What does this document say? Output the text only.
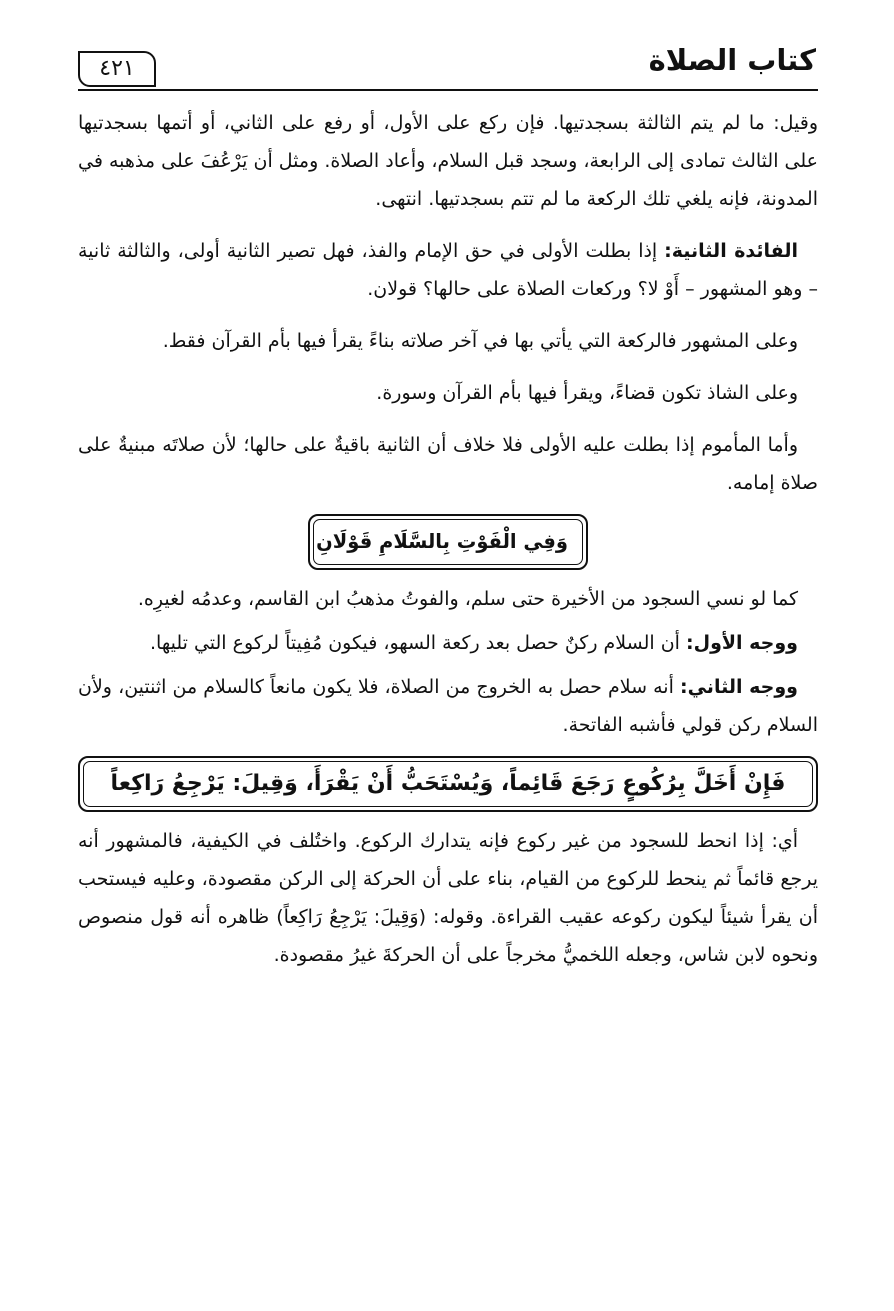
كتاب الصلاة
٤٢١

وقيل: ما لم يتم الثالثة بسجدتيها. فإن ركع على الأول، أو رفع على الثاني، أو أتمها بسجدتيها على الثالث تمادى إلى الرابعة، وسجد قبل السلام، وأعاد الصلاة. ومثل أن يَرْعُفَ على مذهبه في المدونة، فإنه يلغي تلك الركعة ما لم تتم بسجدتيها. انتهى.

الفائدة الثانية: إذا بطلت الأولى في حق الإمام والفذ، فهل تصير الثانية أولى، والثالثة ثانية – وهو المشهور – أَوْ لا؟ وركعات الصلاة على حالها؟ قولان.

وعلى المشهور فالركعة التي يأتي بها في آخر صلاته بناءً يقرأ فيها بأم القرآن فقط.

وعلى الشاذ تكون قضاءً، ويقرأ فيها بأم القرآن وسورة.

وأما المأموم إذا بطلت عليه الأولى فلا خلاف أن الثانية باقيةٌ على حالها؛ لأن صلاتَه مبنيةٌ على صلاة إمامه.

وَفِي الْفَوْتِ بِالسَّلَامِ قَوْلَانِ

كما لو نسي السجود من الأخيرة حتى سلم، والفوتُ مذهبُ ابن القاسم، وعدمُه لغيرِه.

ووجه الأول: أن السلام ركنٌ حصل بعد ركعة السهو، فيكون مُفِيتاً لركوع التي تليها.

ووجه الثاني: أنه سلام حصل به الخروج من الصلاة، فلا يكون مانعاً كالسلام من اثنتين، ولأن السلام ركن قولي فأشبه الفاتحة.

فَإِنْ أَخَلَّ بِرُكُوعٍ رَجَعَ قَائِماً، وَيُسْتَحَبُّ أَنْ يَقْرَأَ، وَقِيلَ: يَرْجِعُ رَاكِعاً

أي: إذا انحط للسجود من غير ركوع فإنه يتدارك الركوع. واختُلف في الكيفية، فالمشهور أنه يرجع قائماً ثم ينحط للركوع من القيام، بناء على أن الحركة إلى الركن مقصودة، وعليه فيستحب أن يقرأ شيئاً ليكون ركوعه عقيب القراءة. وقوله: (وَقِيلَ: يَرْجِعُ رَاكِعاً) ظاهره أنه قول منصوص ونحوه لابن شاس، وجعله اللخميُّ مخرجاً على أن الحركةَ غيرُ مقصودة.
